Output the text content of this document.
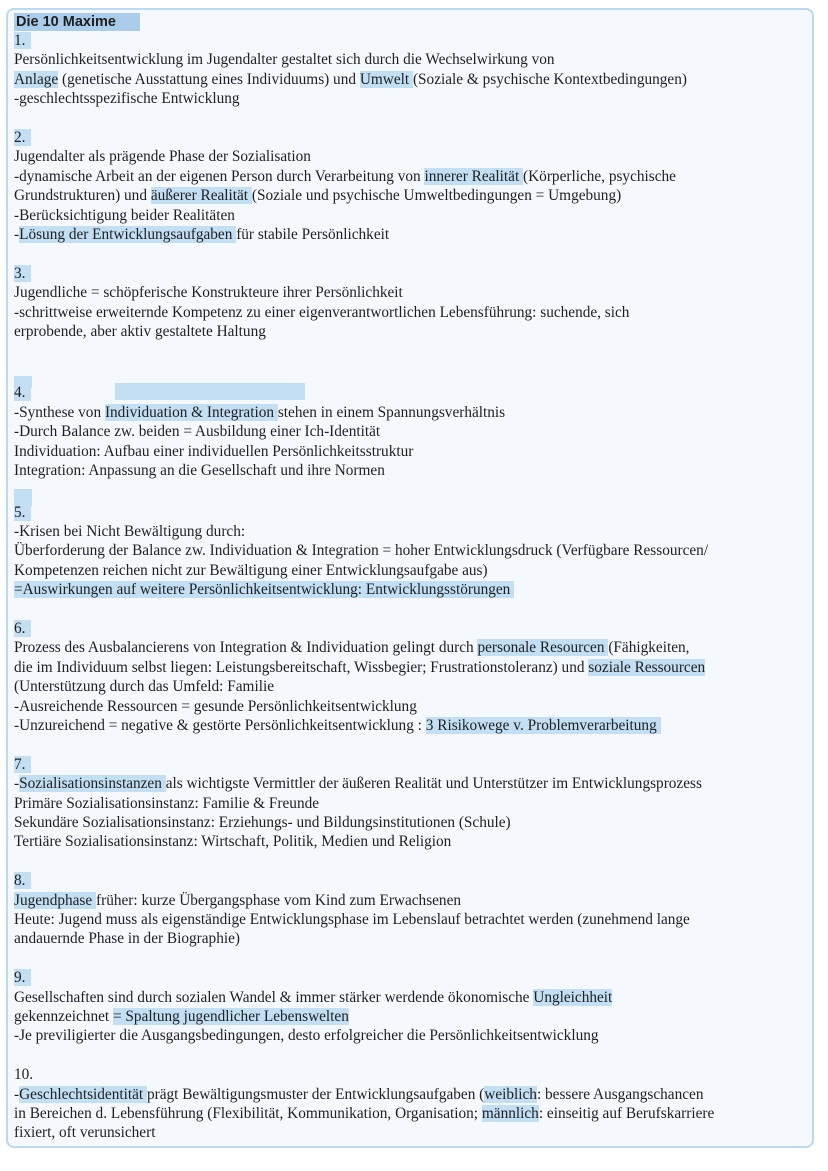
Die 10 Maxime
1.
Persönlichkeitsentwicklung im Jugendalter gestaltet sich durch die Wechselwirkung von
Anlage (genetische Ausstattung eines Individuums) und Umwelt (Soziale & psychische Kontextbedingungen)
-geschlechtsspezifische Entwicklung
2.
Jugendalter als prägende Phase der Sozialisation
-dynamische Arbeit an der eigenen Person durch Verarbeitung von innerer Realität (Körperliche, psychische
Grundstrukturen) und äußerer Realität (Soziale und psychische Umweltbedingungen = Umgebung)
-Berücksichtigung beider Realitäten
-Lösung der Entwicklungsaufgaben für stabile Persönlichkeit
3.
Jugendliche = schöpferische Konstrukteure ihrer Persönlichkeit
-schrittweise erweiternde Kompetenz zu einer eigenverantwortlichen Lebensführung: suchende, sich
erprobende, aber aktiv gestaltete Haltung
4.
-Synthese von Individuation & Integration stehen in einem Spannungsverhältnis
-Durch Balance zw. beiden = Ausbildung einer Ich-Identität
Individuation: Aufbau einer individuellen Persönlichkeitsstruktur
Integration: Anpassung an die Gesellschaft und ihre Normen
5.
-Krisen bei Nicht Bewältigung durch:
Überforderung der Balance zw. Individuation & Integration = hoher Entwicklungsdruck (Verfügbare Ressourcen/
Kompetenzen reichen nicht zur Bewältigung einer Entwicklungsaufgabe aus)
=Auswirkungen auf weitere Persönlichkeitsentwicklung: Entwicklungsstörungen
6.
Prozess des Ausbalancierens von Integration & Individuation gelingt durch personale Resourcen (Fähigkeiten,
die im Individuum selbst liegen: Leistungsbereitschaft, Wissbegier; Frustrationstoleranz) und soziale Ressourcen
(Unterstützung durch das Umfeld: Familie
-Ausreichende Ressourcen = gesunde Persönlichkeitsentwicklung
-Unzureichend = negative & gestörte Persönlichkeitsentwicklung : 3 Risikowege v. Problemverarbeitung
7.
-Sozialisationsinstanzen als wichtigste Vermittler der äußeren Realität und Unterstützer im Entwicklungsprozess
Primäre Sozialisationsinstanz: Familie & Freunde
Sekundäre Sozialisationsinstanz: Erziehungs- und Bildungsinstitutionen (Schule)
Tertiäre Sozialisationsinstanz: Wirtschaft, Politik, Medien und Religion
8.
Jugendphase früher: kurze Übergangsphase vom Kind zum Erwachsenen
Heute: Jugend muss als eigenständige Entwicklungsphase im Lebenslauf betrachtet werden (zunehmend lange
andauernde Phase in der Biographie)
9.
Gesellschaften sind durch sozialen Wandel & immer stärker werdende ökonomische Ungleichheit
gekennzeichnet = Spaltung jugendlicher Lebenswelten
-Je previligierter die Ausgangsbedingungen, desto erfolgreicher die Persönlichkeitsentwicklung
10.
-Geschlechtsidentität prägt Bewältigungsmuster der Entwicklungsaufgaben (weiblich: bessere Ausgangschancen
in Bereichen d. Lebensführung (Flexibilität, Kommunikation, Organisation; männlich: einseitig auf Berufskarriere
fixiert, oft verunsichert
